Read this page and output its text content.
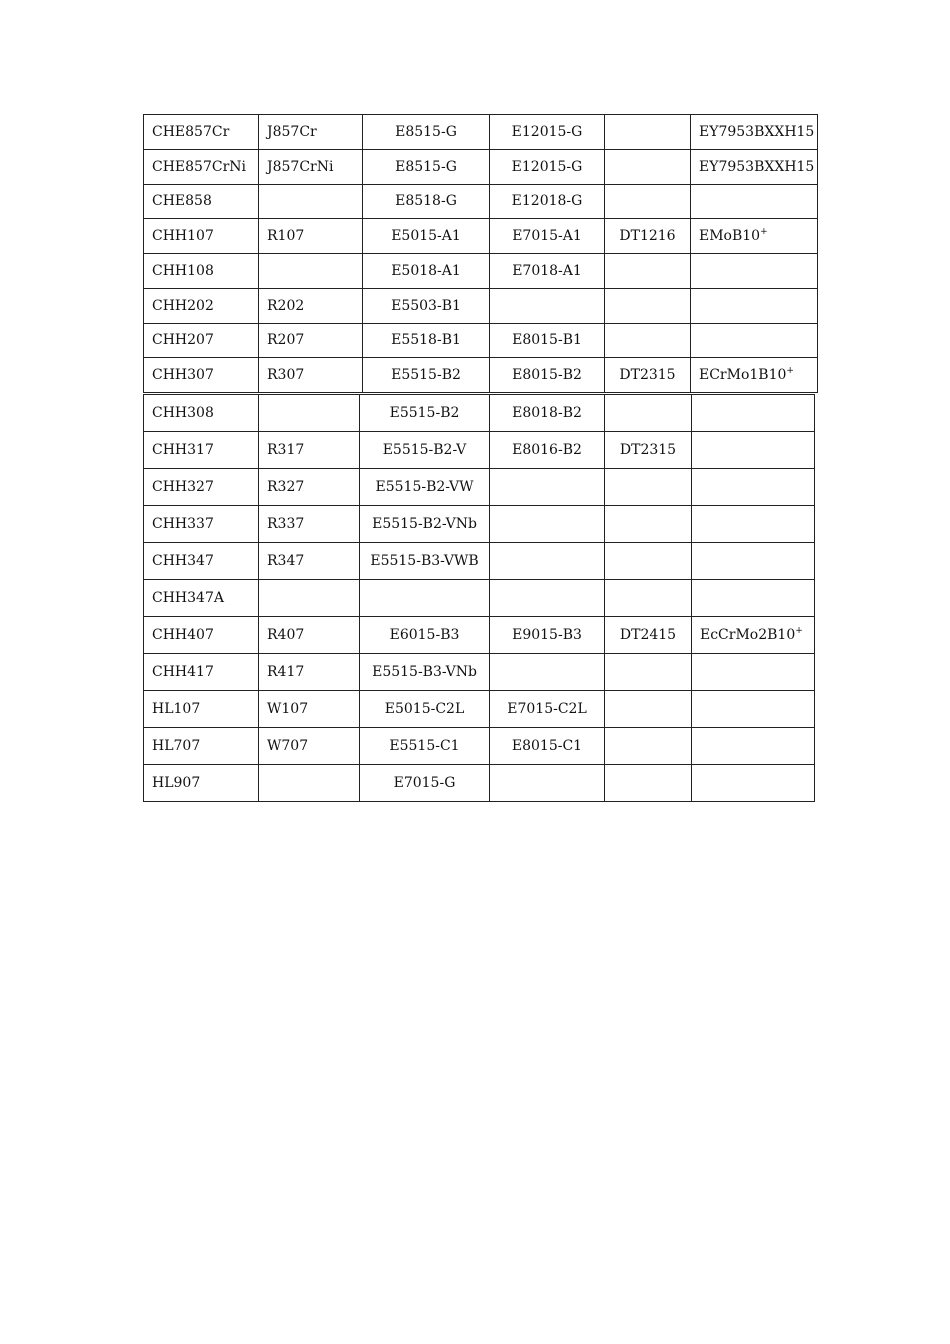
CHE857Cr	J857Cr	E8515-G	E12015-G		EY7953BXXH15
CHE857CrNi	J857CrNi	E8515-G	E12015-G		EY7953BXXH15
CHE858		E8518-G	E12018-G		
CHH107	R107	E5015-A1	E7015-A1	DT1216	EMoB10+
CHH108		E5018-A1	E7018-A1		
CHH202	R202	E5503-B1			
CHH207	R207	E5518-B1	E8015-B1		
CHH307	R307	E5515-B2	E8015-B2	DT2315	ECrMo1B10+
CHH308		E5515-B2	E8018-B2		
CHH317	R317	E5515-B2-V	E8016-B2	DT2315	
CHH327	R327	E5515-B2-VW			
CHH337	R337	E5515-B2-VNb			
CHH347	R347	E5515-B3-VWB			
CHH347A					
CHH407	R407	E6015-B3	E9015-B3	DT2415	EcCrMo2B10+
CHH417	R417	E5515-B3-VNb			
HL107	W107	E5015-C2L	E7015-C2L		
HL707	W707	E5515-C1	E8015-C1		
HL907		E7015-G			
